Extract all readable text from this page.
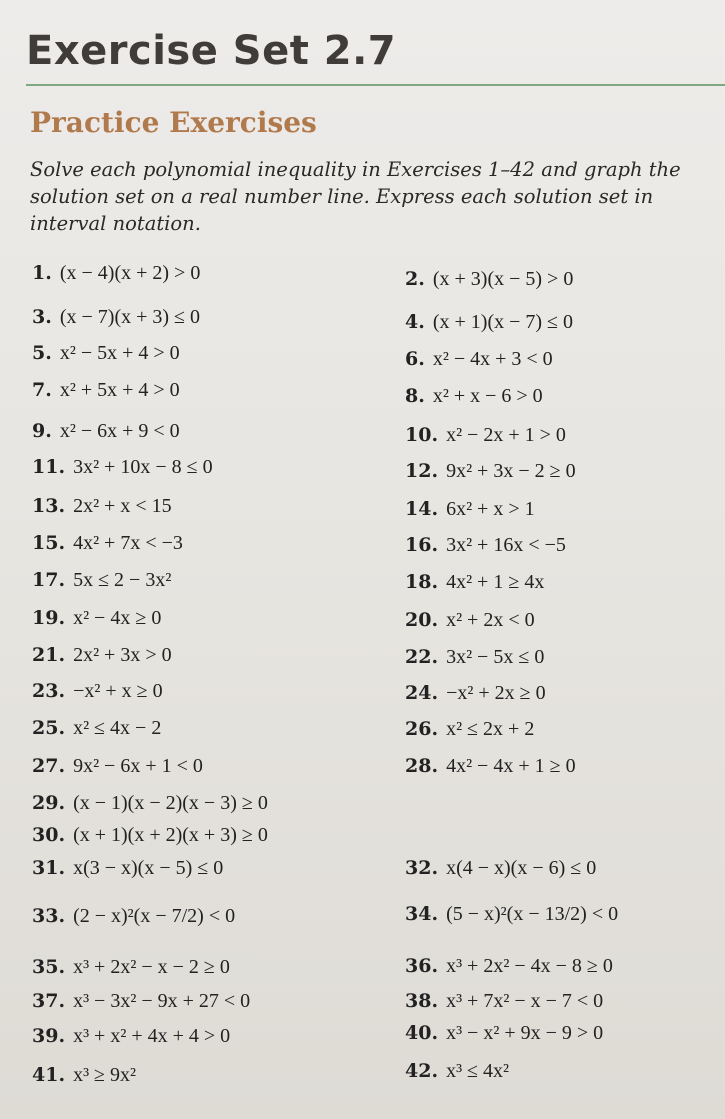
Exercise Set 2.7
Practice Exercises
Solve each polynomial inequality in Exercises 1–42 and graph the
solution set on a real number line. Express each solution set in
interval notation.
1. (x − 4)(x + 2) > 0
3. (x − 7)(x + 3) ≤ 0
5. x² − 5x + 4 > 0
7. x² + 5x + 4 > 0
9. x² − 6x + 9 < 0
11. 3x² + 10x − 8 ≤ 0
13. 2x² + x < 15
15. 4x² + 7x < −3
17. 5x ≤ 2 − 3x²
19. x² − 4x ≥ 0
21. 2x² + 3x > 0
23. −x² + x ≥ 0
25. x² ≤ 4x − 2
27. 9x² − 6x + 1 < 0
29. (x − 1)(x − 2)(x − 3) ≥ 0
30. (x + 1)(x + 2)(x + 3) ≥ 0
31. x(3 − x)(x − 5) ≤ 0
33. (2 − x)²(x − 7/2) < 0
35. x³ + 2x² − x − 2 ≥ 0
37. x³ − 3x² − 9x + 27 < 0
39. x³ + x² + 4x + 4 > 0
41. x³ ≥ 9x²
2. (x + 3)(x − 5) > 0
4. (x + 1)(x − 7) ≤ 0
6. x² − 4x + 3 < 0
8. x² + x − 6 > 0
10. x² − 2x + 1 > 0
12. 9x² + 3x − 2 ≥ 0
14. 6x² + x > 1
16. 3x² + 16x < −5
18. 4x² + 1 ≥ 4x
20. x² + 2x < 0
22. 3x² − 5x ≤ 0
24. −x² + 2x ≥ 0
26. x² ≤ 2x + 2
28. 4x² − 4x + 1 ≥ 0
32. x(4 − x)(x − 6) ≤ 0
34. (5 − x)²(x − 13/2) < 0
36. x³ + 2x² − 4x − 8 ≥ 0
38. x³ + 7x² − x − 7 < 0
40. x³ − x² + 9x − 9 > 0
42. x³ ≤ 4x²
